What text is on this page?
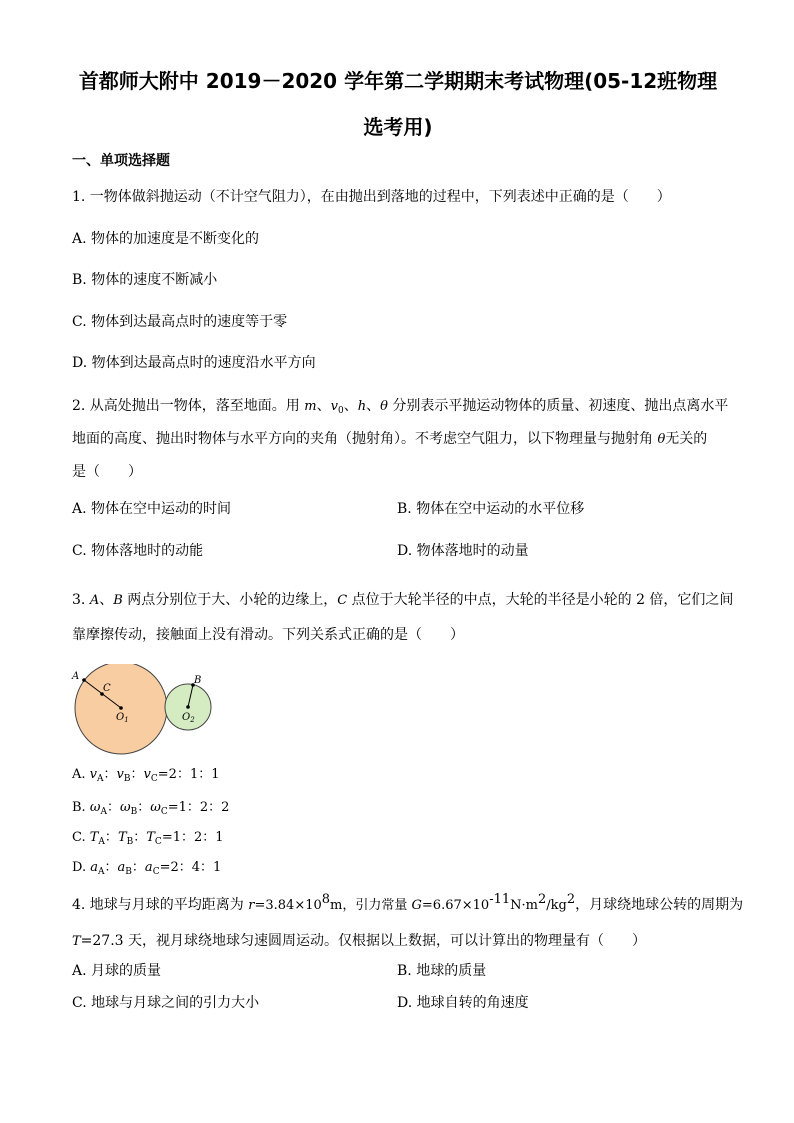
首都师大附中 2019－2020 学年第二学期期末考试物理(05-12班物理
选考用)
一、单项选择题
1. 一物体做斜抛运动（不计空气阻力），在由抛出到落地的过程中，下列表述中正确的是（　　）
A. 物体的加速度是不断变化的
B. 物体的速度不断减小
C. 物体到达最高点时的速度等于零
D. 物体到达最高点时的速度沿水平方向
2. 从高处抛出一物体，落至地面。用 m、$v_0$、h、θ 分别表示平抛运动物体的质量、初速度、抛出点离水平
地面的高度、抛出时物体与水平方向的夹角（抛射角）。不考虑空气阻力，以下物理量与抛射角 θ无关的
是（　　）
A. 物体在空中运动的时间	B. 物体在空中运动的水平位移
C. 物体落地时的动能	D. 物体落地时的动量
3. A、B 两点分别位于大、小轮的边缘上，C 点位于大轮半径的中点，大轮的半径是小轮的 2 倍，它们之间
靠摩擦传动，接触面上没有滑动。下列关系式正确的是（　　）
A
C
B
$O_1$	$O_2$
A. $v_A$：$v_B$：$v_C=2$：1：1
B. $\omega_A$：$\omega_B$：$\omega_C=1$：2：2
C. $T_A$：$T_B$：$T_C=1$：2：1
D. $a_A$：$a_B$：$a_C=2$：4：1
4. 地球与月球的平均距离为 $r=3.84\times 10^8m$，引力常量 $G=6.67\times 10^{-11}N\cdot m^2/kg^2$，月球绕地球公转的周期为
T=27.3 天，视月球绕地球匀速圆周运动。仅根据以上数据，可以计算出的物理量有（　　）
A. 月球的质量	B. 地球的质量
C. 地球与月球之间的引力大小	D. 地球自转的角速度
